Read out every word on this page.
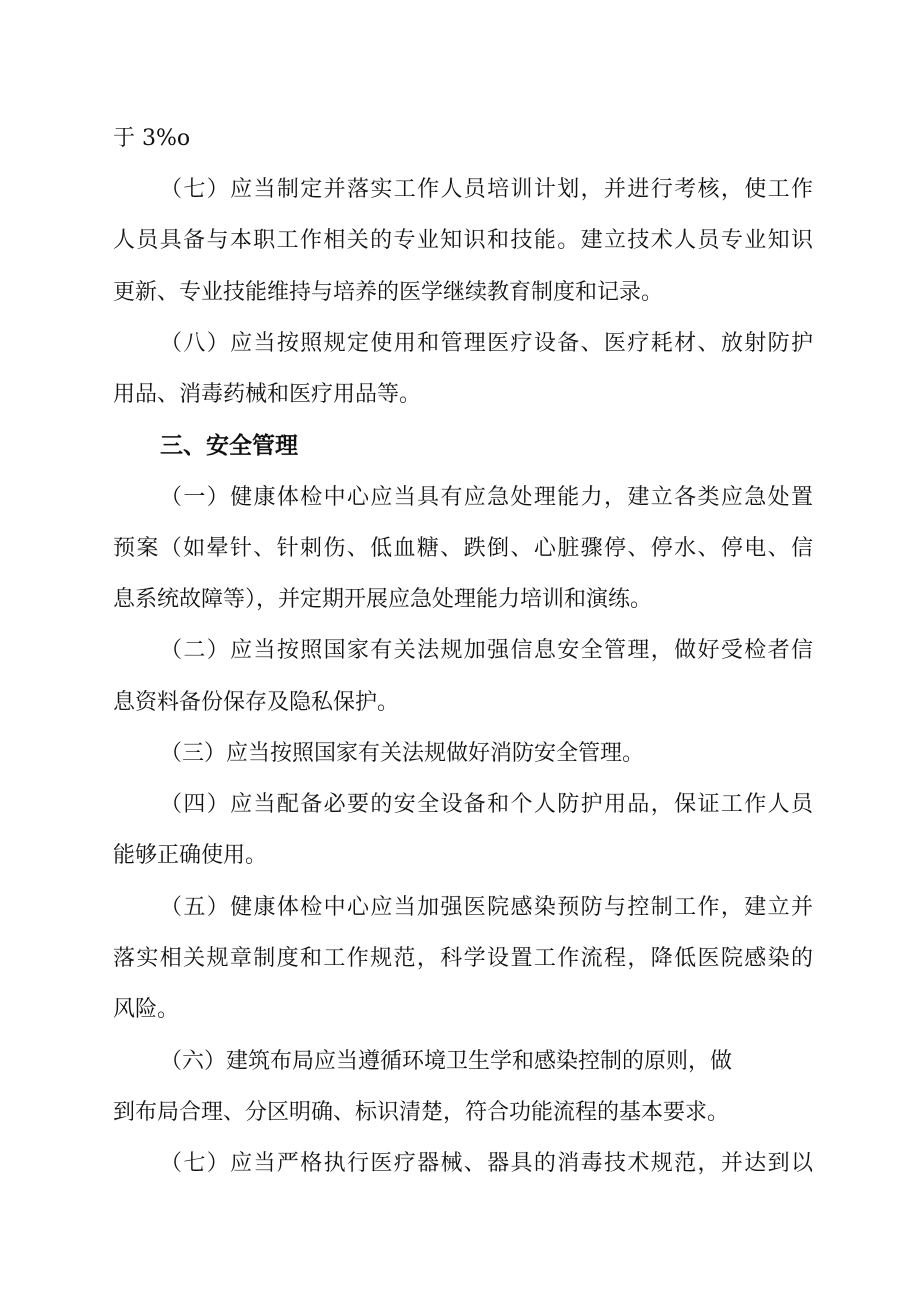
于 3%o
（七）应当制定并落实工作人员培训计划，并进行考核，使工作
人员具备与本职工作相关的专业知识和技能。建立技术人员专业知识
更新、专业技能维持与培养的医学继续教育制度和记录。
（八）应当按照规定使用和管理医疗设备、医疗耗材、放射防护
用品、消毒药械和医疗用品等。
三、安全管理
（一）健康体检中心应当具有应急处理能力，建立各类应急处置
预案（如晕针、针刺伤、低血糖、跌倒、心脏骤停、停水、停电、信
息系统故障等），并定期开展应急处理能力培训和演练。
（二）应当按照国家有关法规加强信息安全管理，做好受检者信
息资料备份保存及隐私保护。
（三）应当按照国家有关法规做好消防安全管理。
（四）应当配备必要的安全设备和个人防护用品，保证工作人员
能够正确使用。
（五）健康体检中心应当加强医院感染预防与控制工作，建立并
落实相关规章制度和工作规范，科学设置工作流程，降低医院感染的
风险。
（六）建筑布局应当遵循环境卫生学和感染控制的原则，做
到布局合理、分区明确、标识清楚，符合功能流程的基本要求。
（七）应当严格执行医疗器械、器具的消毒技术规范，并达到以
